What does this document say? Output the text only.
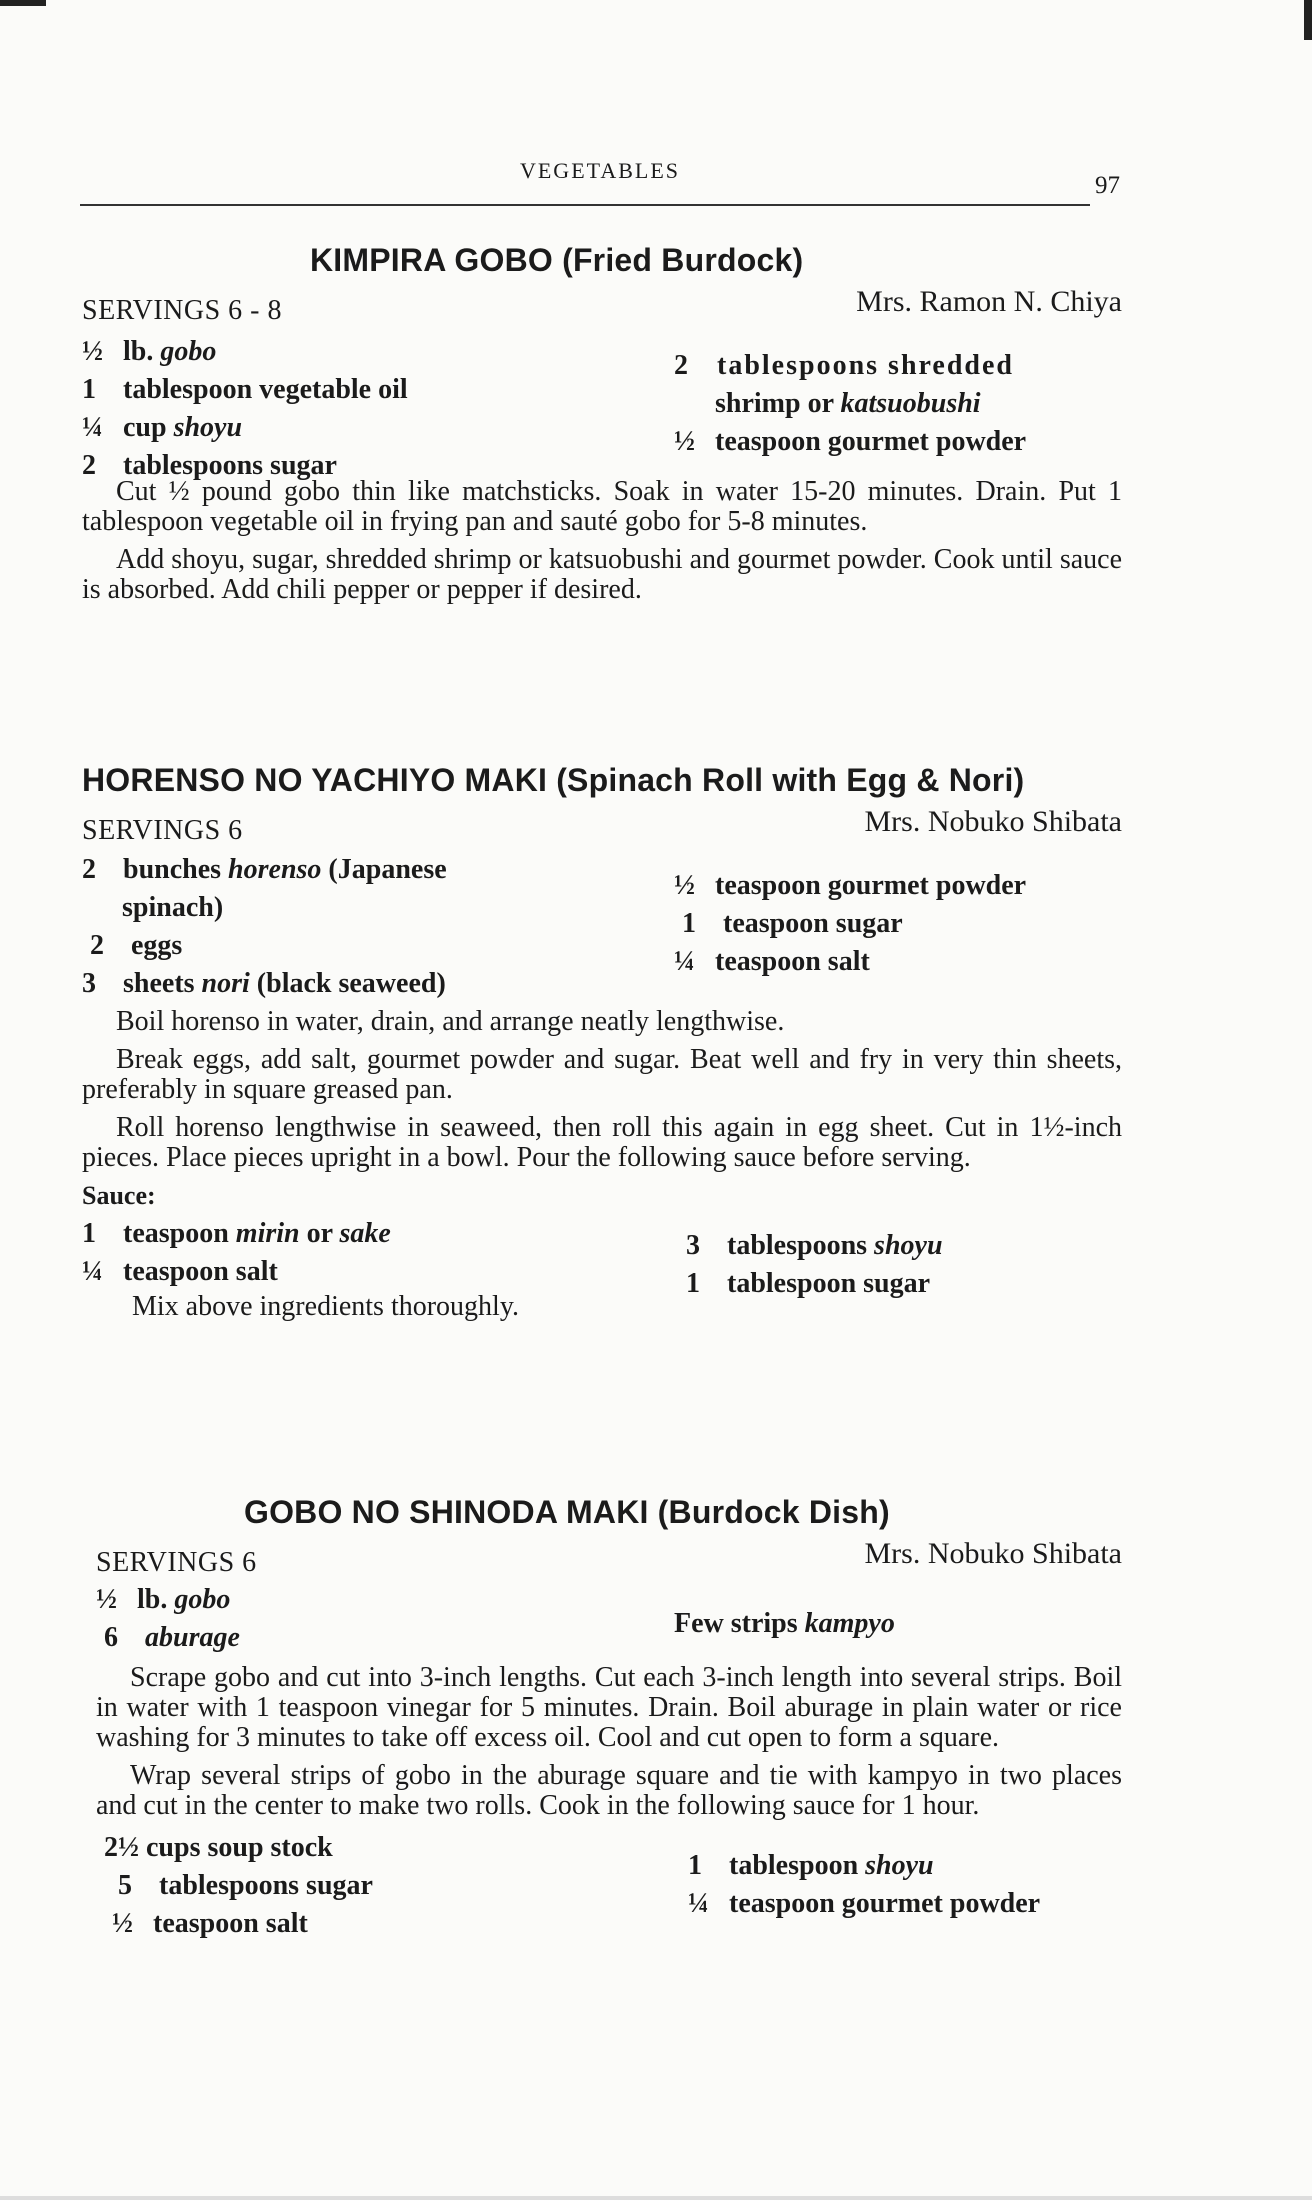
VEGETABLES
97
KIMPIRA GOBO (Fried Burdock)
SERVINGS 6 - 8	Mrs. Ramon N. Chiya
½ lb. gobo
1 tablespoon vegetable oil
¼ cup shoyu
2 tablespoons sugar
2 tablespoons shredded
shrimp or katsuobushi
½ teaspoon gourmet powder

Cut ½ pound gobo thin like matchsticks. Soak in water 15-20 minutes. Drain. Put 1 tablespoon vegetable oil in frying pan and sauté gobo for 5-8 minutes.

Add shoyu, sugar, shredded shrimp or katsuobushi and gourmet powder. Cook until sauce is absorbed. Add chili pepper or pepper if desired.

HORENSO NO YACHIYO MAKI (Spinach Roll with Egg & Nori)
SERVINGS 6	Mrs. Nobuko Shibata
2 bunches horenso (Japanese
spinach)
2 eggs
3 sheets nori (black seaweed)
½ teaspoon gourmet powder
1 teaspoon sugar
¼ teaspoon salt

Boil horenso in water, drain, and arrange neatly lengthwise.

Break eggs, add salt, gourmet powder and sugar. Beat well and fry in very thin sheets, preferably in square greased pan.

Roll horenso lengthwise in seaweed, then roll this again in egg sheet. Cut in 1½-inch pieces. Place pieces upright in a bowl. Pour the following sauce before serving.

Sauce:
1 teaspoon mirin or sake
¼ teaspoon salt
Mix above ingredients thoroughly.
3 tablespoons shoyu
1 tablespoon sugar
GOBO NO SHINODA MAKI (Burdock Dish)
SERVINGS 6	Mrs. Nobuko Shibata
½ lb. gobo
6 aburage	Few strips kampyo

Scrape gobo and cut into 3-inch lengths. Cut each 3-inch length into several strips. Boil in water with 1 teaspoon vinegar for 5 minutes. Drain. Boil aburage in plain water or rice washing for 3 minutes to take off excess oil. Cool and cut open to form a square.

Wrap several strips of gobo in the aburage square and tie with kampyo in two places and cut in the center to make two rolls. Cook in the following sauce for 1 hour.

2½ cups soup stock
5 tablespoons sugar
½ teaspoon salt
1 tablespoon shoyu
¼ teaspoon gourmet powder
